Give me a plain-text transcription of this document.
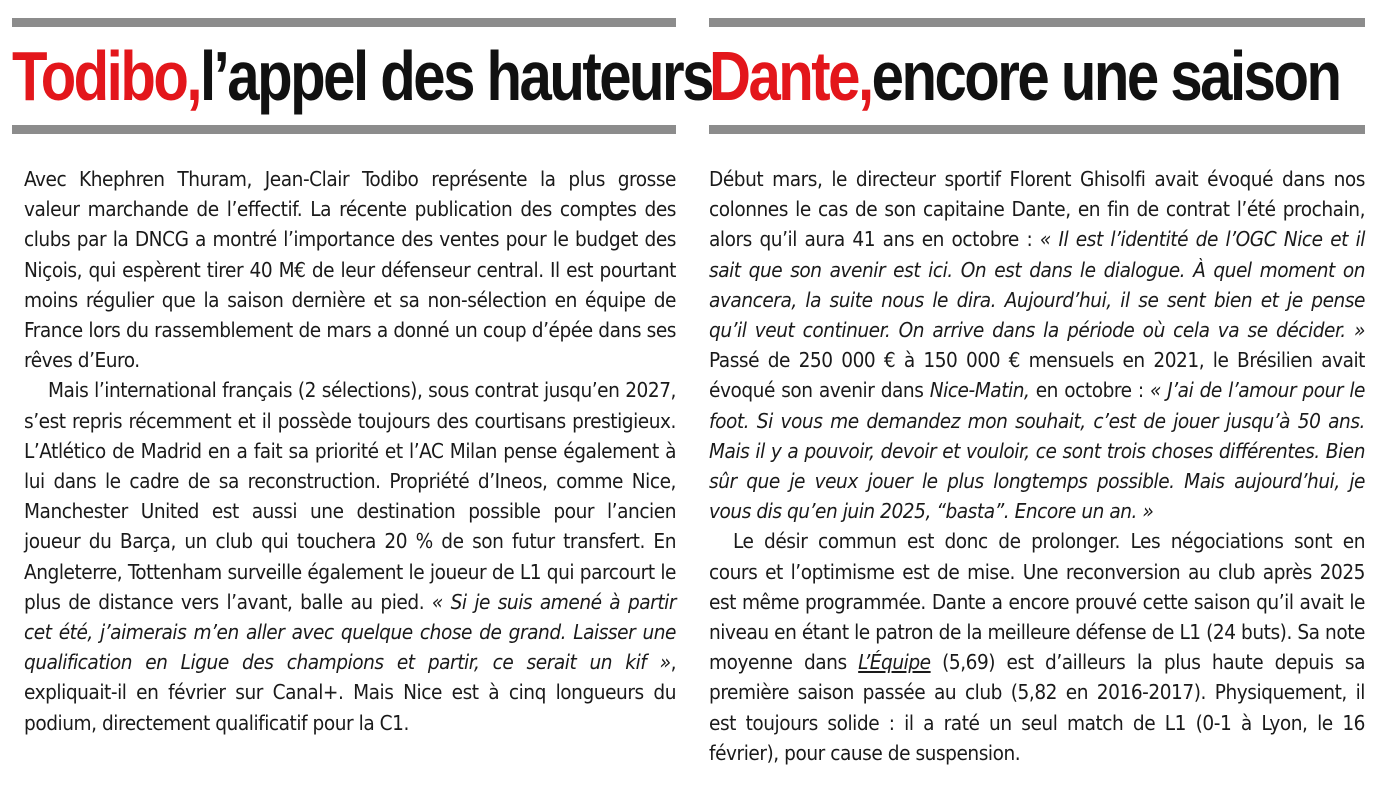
Todibo, l’appel des hauteurs

Avec Khephren Thuram, Jean-Clair Todibo représente la plus grosse valeur marchande de l’effectif. La récente publication des comptes des clubs par la DNCG a montré l’importance des ventes pour le budget des Niçois, qui espèrent tirer 40 M€ de leur défenseur central. Il est pourtant moins régulier que la saison dernière et sa non-sélection en équipe de France lors du rassemblement de mars a donné un coup d’épée dans ses rêves d’Euro.

Mais l’international français (2 sélections), sous contrat jusqu’en 2027, s’est repris récemment et il possède toujours des courtisans prestigieux. L’Atlético de Madrid en a fait sa priorité et l’AC Milan pense également à lui dans le cadre de sa reconstruction. Propriété d’Ineos, comme Nice, Manchester United est aussi une destination possible pour l’ancien joueur du Barça, un club qui touchera 20 % de son futur transfert. En Angleterre, Tottenham surveille également le joueur de L1 qui parcourt le plus de distance vers l’avant, balle au pied. « Si je suis amené à partir cet été, j’aimerais m’en aller avec quelque chose de grand. Laisser une qualification en Ligue des champions et partir, ce serait un kif », expliquait-il en février sur Canal+. Mais Nice est à cinq longueurs du podium, directement qualificatif pour la C1.

Dante, encore une saison

Début mars, le directeur sportif Florent Ghisolfi avait évoqué dans nos colonnes le cas de son capitaine Dante, en fin de contrat l’été prochain, alors qu’il aura 41 ans en octobre : « Il est l’identité de l’OGC Nice et il sait que son avenir est ici. On est dans le dialogue. À quel moment on avancera, la suite nous le dira. Aujourd’hui, il se sent bien et je pense qu’il veut continuer. On arrive dans la période où cela va se décider. » Passé de 250 000 € à 150 000 € mensuels en 2021, le Brésilien avait évoqué son avenir dans Nice-Matin, en octobre : « J’ai de l’amour pour le foot. Si vous me demandez mon souhait, c’est de jouer jusqu’à 50 ans. Mais il y a pouvoir, devoir et vouloir, ce sont trois choses différentes. Bien sûr que je veux jouer le plus longtemps possible. Mais aujourd’hui, je vous dis qu’en juin 2025, “basta”. Encore un an. »

Le désir commun est donc de prolonger. Les négociations sont en cours et l’optimisme est de mise. Une reconversion au club après 2025 est même programmée. Dante a encore prouvé cette saison qu’il avait le niveau en étant le patron de la meilleure défense de L1 (24 buts). Sa note moyenne dans L’Équipe (5,69) est d’ailleurs la plus haute depuis sa première saison passée au club (5,82 en 2016-2017). Physiquement, il est toujours solide : il a raté un seul match de L1 (0-1 à Lyon, le 16 février), pour cause de suspension.
